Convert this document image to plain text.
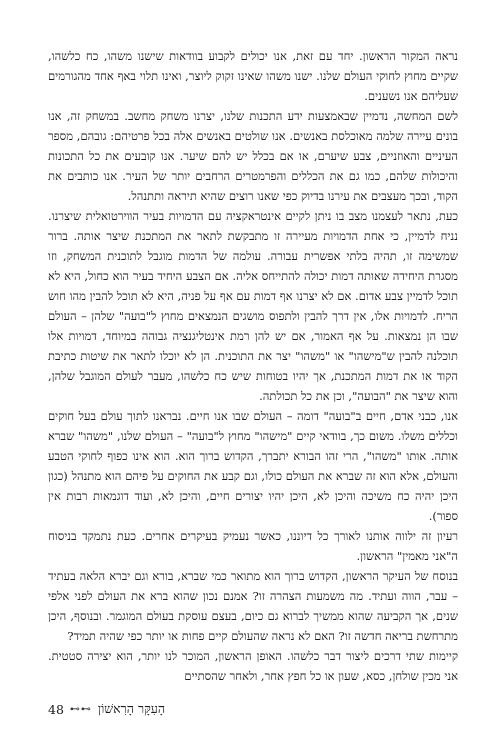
נראה המקור הראשון. יחד עם זאת, אנו יכולים לקבוע בוודאות שישנו משהו, כח כלשהו, שקיים מחוץ לחוקי העולם שלנו. ישנו משהו שאינו זקוק ליוצר, ואינו תלוי באף אחד מהגורמים שעליהם אנו נשענים.

לשם המחשה, נדמיין שבאמצעות ידע התכנות שלנו, יצרנו משחק מחשב. במשחק זה, אנו בונים עיירה שלמה מאוכלסת באנשים. אנו שולטים באנשים אלה בכל פרטיהם: גובהם, מספר העיניים והאוזניים, צבע שיערם, או אם בכלל יש להם שיער. אנו קובעים את כל התכונות והיכולות שלהם, כמו גם את הכללים והפרמטרים הרחבים יותר של העיר. אנו כותבים את הקוד, ובכך מעצבים את עירנו בדיוק כפי שאנו רוצים שהיא תיראה ותתנהל.

כעת, נתאר לעצמנו מצב בו ניתן לקיים אינטראקציה עם הדמויות בעיר הווירטואלית שיצרנו. נניח לדמיין, כי אחת הדמויות מעיירה זו מתבקשת לתאר את המתכנת שיצר אותה. ברור שמשימה זו, תהיה בלתי אפשרית עבורה. עולמה של הדמות מוגבל לתוכנית המשחק, וזו מסגרת היחידה שאותה דמות יכולה להתייחס אליה. אם הצבע היחיד בעיר הוא כחול, היא לא תוכל לדמיין צבע אדום. אם לא יצרנו אף דמות עם אף על פניה, היא לא תוכל להבין מהו חוש הריח. לדמויות אלו, אין דרך להבין ולתפוס מושגים הנמצאים מחוץ ל"בועה" שלהן – העולם שבו הן נמצאות. על אף האמור, אם יש להן רמת אינטליגנציה גבוהה במיוחד, דמויות אלו תוכלנה להבין ש"מישהו" או "משהו" יצר את התוכנית. הן לא יוכלו לתאר את שיטות כתיבת הקוד או את דמות המתכנת, אך יהיו בטוחות שיש כח כלשהו, מעבר לעולם המוגבל שלהן, והוא שיצר את "הבועה", וכן את כל תכולתה.

אנו, כבני אדם, חיים ב"בועה" דומה – העולם שבו אנו חיים. נבראנו לתוך עולם בעל חוקים וכללים משלו. משום כך, בוודאי קיים "מישהו" מחוץ ל"בועה" – העולם שלנו, "משהו" שברא אותה. אותו "משהו", הרי זהו הבורא יתברך, הקדוש ברוך הוא. הוא אינו כפוף לחוקי הטבע והעולם, אלא הוא זה שברא את העולם כולו, וגם קבע את החוקים על פיהם הוא מתנהל (כגון היכן יהיה כח משיכה והיכן לא, היכן יהיו יצורים חיים, והיכן לא, ועוד דוגמאות רבות אין ספור).

רעיון זה ילווה אותנו לאורך כל דיוננו, כאשר נעמיק בעיקרים אחרים. כעת נתמקד בניסוח ה"אני מאמין" הראשון.

בנוסח של העיקר הראשון, הקדוש ברוך הוא מתואר כמי שברא, בורא וגם יברא הלאה בעתיד – עבר, הווה ועתיד. מה משמעות הצהרה זו? אמנם נכון שהוא ברא את העולם לפני אלפי שנים, אך הקביעה שהוא ממשיך לברוא גם כיום, בעצם עוסקת בעולם המוגמר. ובנוסף, היכן מתרחשת בריאה חדשה זו? האם לא נראה שהעולם קיים פחות או יותר כפי שהיה תמיד?

קיימות שתי דרכים ליצור דבר כלשהו. האופן הראשון, המוכר לנו יותר, הוא יצירה סטטית. אני מכין שולחן, כסא, שעון או כל חפץ אחר, ולאחר שהסתיים

48 ⊷⊷ הָעִקָּר הָרִאשׁוֹן
